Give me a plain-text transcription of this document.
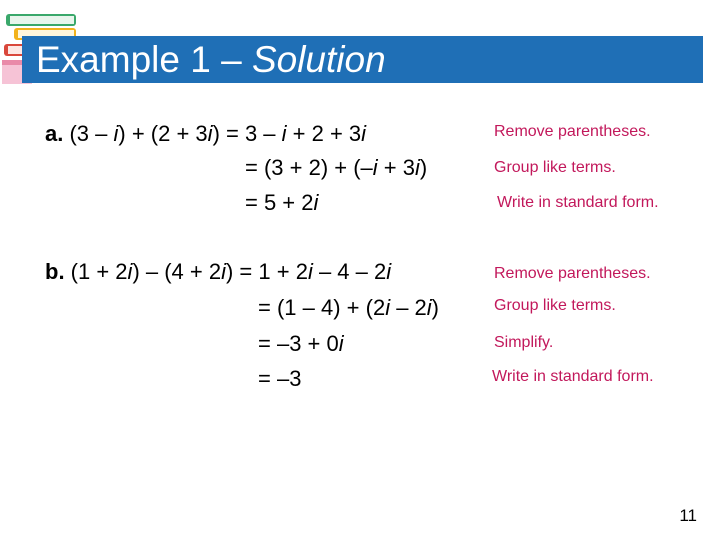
Example 1 – Solution
a. (3 – i) + (2 + 3i) = 3 – i + 2 + 3i
= (3 + 2) + (–i + 3i)
= 5 + 2i
Remove parentheses.
Group like terms.
Write in standard form.
b. (1 + 2i) – (4 + 2i) = 1 + 2i – 4 – 2i
= (1 – 4) + (2i – 2i)
= –3 + 0i
= –3
Remove parentheses.
Group like terms.
Simplify.
Write in standard form.
11
